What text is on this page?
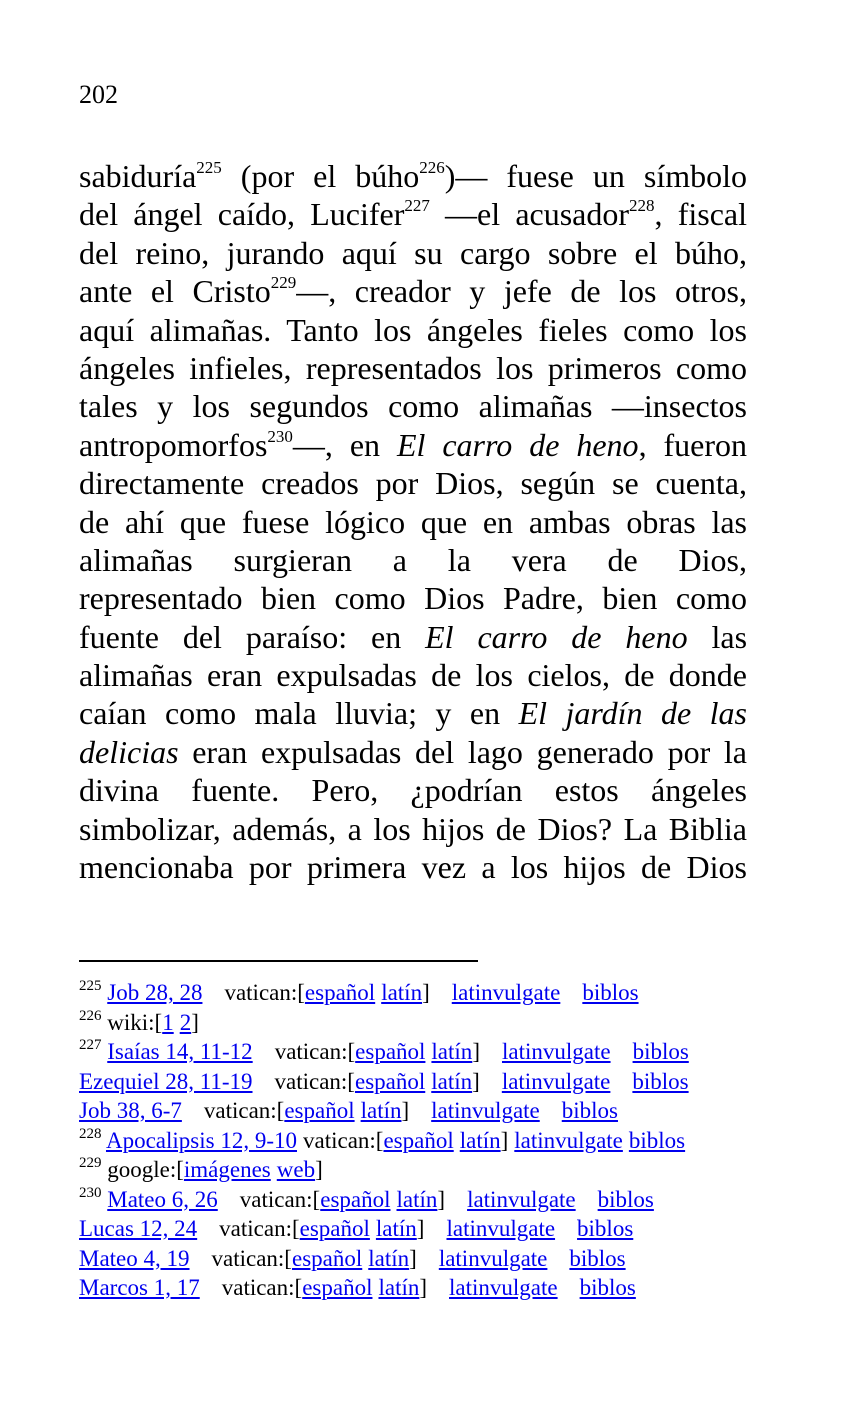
202
sabiduría$^{225}$ (por el búho$^{226}$)— fuese un símbolo
del ángel caído, Lucifer$^{227}$ —el acusador$^{228}$, fiscal
del reino, jurando aquí su cargo sobre el búho,
ante el Cristo$^{229}$—, creador y jefe de los otros,
aquí alimañas. Tanto los ángeles fieles como los
ángeles infieles, representados los primeros como
tales y los segundos como alimañas —insectos
antropomorfos$^{230}$—, en El carro de heno, fueron
directamente creados por Dios, según se cuenta,
de ahí que fuese lógico que en ambas obras las
alimañas surgieran a la vera de Dios,
representado bien como Dios Padre, bien como
fuente del paraíso: en El carro de heno las
alimañas eran expulsadas de los cielos, de donde
caían como mala lluvia; y en El jardín de las
delicias eran expulsadas del lago generado por la
divina fuente. Pero, ¿podrían estos ángeles
simbolizar, además, a los hijos de Dios? La Biblia
mencionaba por primera vez a los hijos de Dios
$^{225}$ Job 28, 28 vatican:[español latín] latinvulgate biblos
$^{226}$ wiki:[1 2]
$^{227}$ Isaías 14, 11-12 vatican:[español latín] latinvulgate biblos
Ezequiel 28, 11-19 vatican:[español latín] latinvulgate biblos
Job 38, 6-7 vatican:[español latín] latinvulgate biblos
$^{228}$ Apocalipsis 12, 9-10 vatican:[español latín] latinvulgate biblos
$^{229}$ google:[imágenes web]
$^{230}$ Mateo 6, 26 vatican:[español latín] latinvulgate biblos
Lucas 12, 24 vatican:[español latín] latinvulgate biblos
Mateo 4, 19 vatican:[español latín] latinvulgate biblos
Marcos 1, 17 vatican:[español latín] latinvulgate biblos
